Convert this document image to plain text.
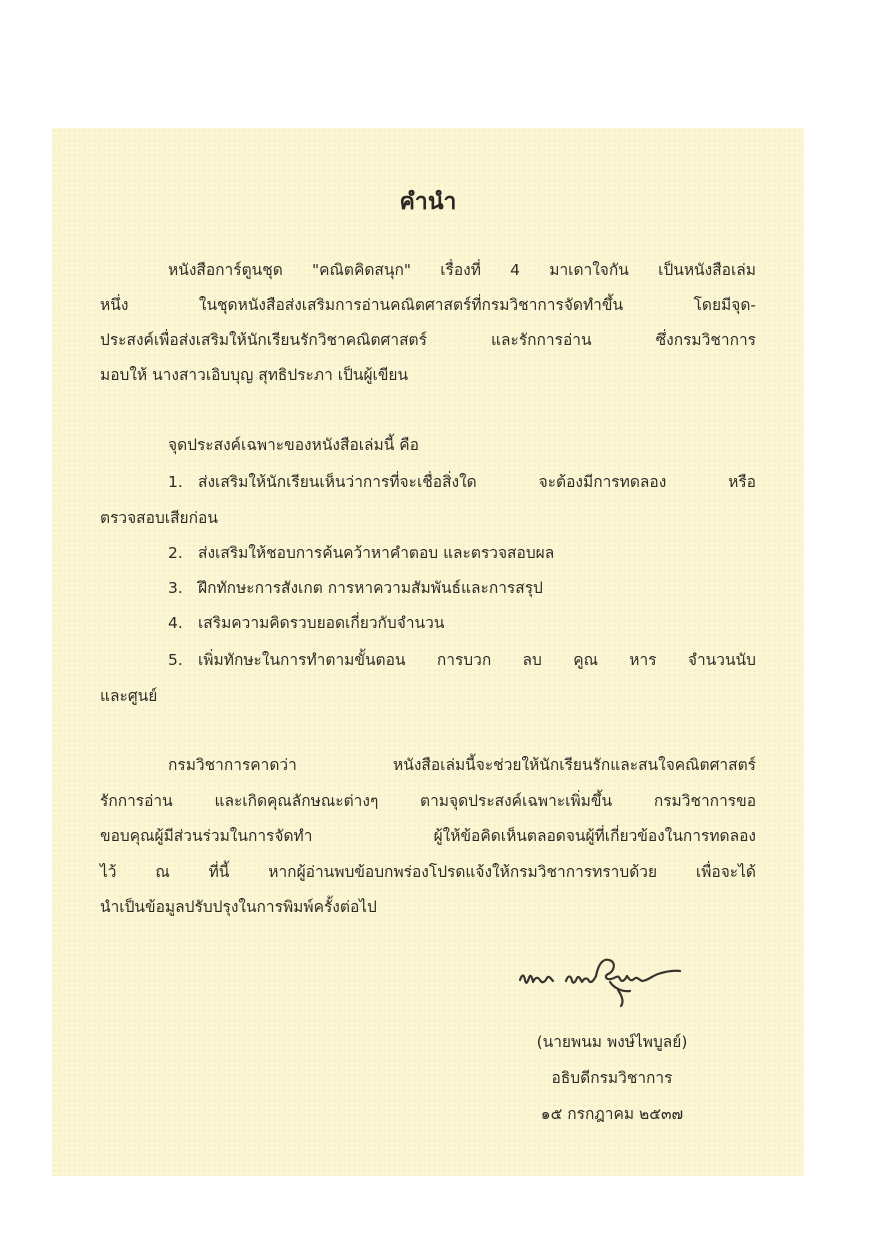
คำนำ
หนังสือการ์ตูนชุด "คณิตคิดสนุก" เรื่องที่ 4 มาเดาใจกัน เป็นหนังสือเล่ม
หนึ่ง ในชุดหนังสือส่งเสริมการอ่านคณิตศาสตร์ที่กรมวิชาการจัดทำขึ้น โดยมีจุด-
ประสงค์เพื่อส่งเสริมให้นักเรียนรักวิชาคณิตศาสตร์ และรักการอ่าน ซึ่งกรมวิชาการ
มอบให้ นางสาวเอิบบุญ สุทธิประภา เป็นผู้เขียน
จุดประสงค์เฉพาะของหนังสือเล่มนี้ คือ
1. ส่งเสริมให้นักเรียนเห็นว่าการที่จะเชื่อสิ่งใด จะต้องมีการทดลอง หรือ
ตรวจสอบเสียก่อน
2. ส่งเสริมให้ชอบการค้นคว้าหาคำตอบ และตรวจสอบผล
3. ฝึกทักษะการสังเกต การหาความสัมพันธ์และการสรุป
4. เสริมความคิดรวบยอดเกี่ยวกับจำนวน
5. เพิ่มทักษะในการทำตามขั้นตอน การบวก ลบ คูณ หาร จำนวนนับ
และศูนย์
กรมวิชาการคาดว่า หนังสือเล่มนี้จะช่วยให้นักเรียนรักและสนใจคณิตศาสตร์
รักการอ่าน และเกิดคุณลักษณะต่างๆ ตามจุดประสงค์เฉพาะเพิ่มขึ้น กรมวิชาการขอ
ขอบคุณผู้มีส่วนร่วมในการจัดทำ ผู้ให้ข้อคิดเห็นตลอดจนผู้ที่เกี่ยวข้องในการทดลอง
ไว้ ณ ที่นี้ หากผู้อ่านพบข้อบกพร่องโปรดแจ้งให้กรมวิชาการทราบด้วย เพื่อจะได้
นำเป็นข้อมูลปรับปรุงในการพิมพ์ครั้งต่อไป
(นายพนม พงษ์ไพบูลย์)
อธิบดีกรมวิชาการ
๑๕ กรกฎาคม ๒๕๓๗
